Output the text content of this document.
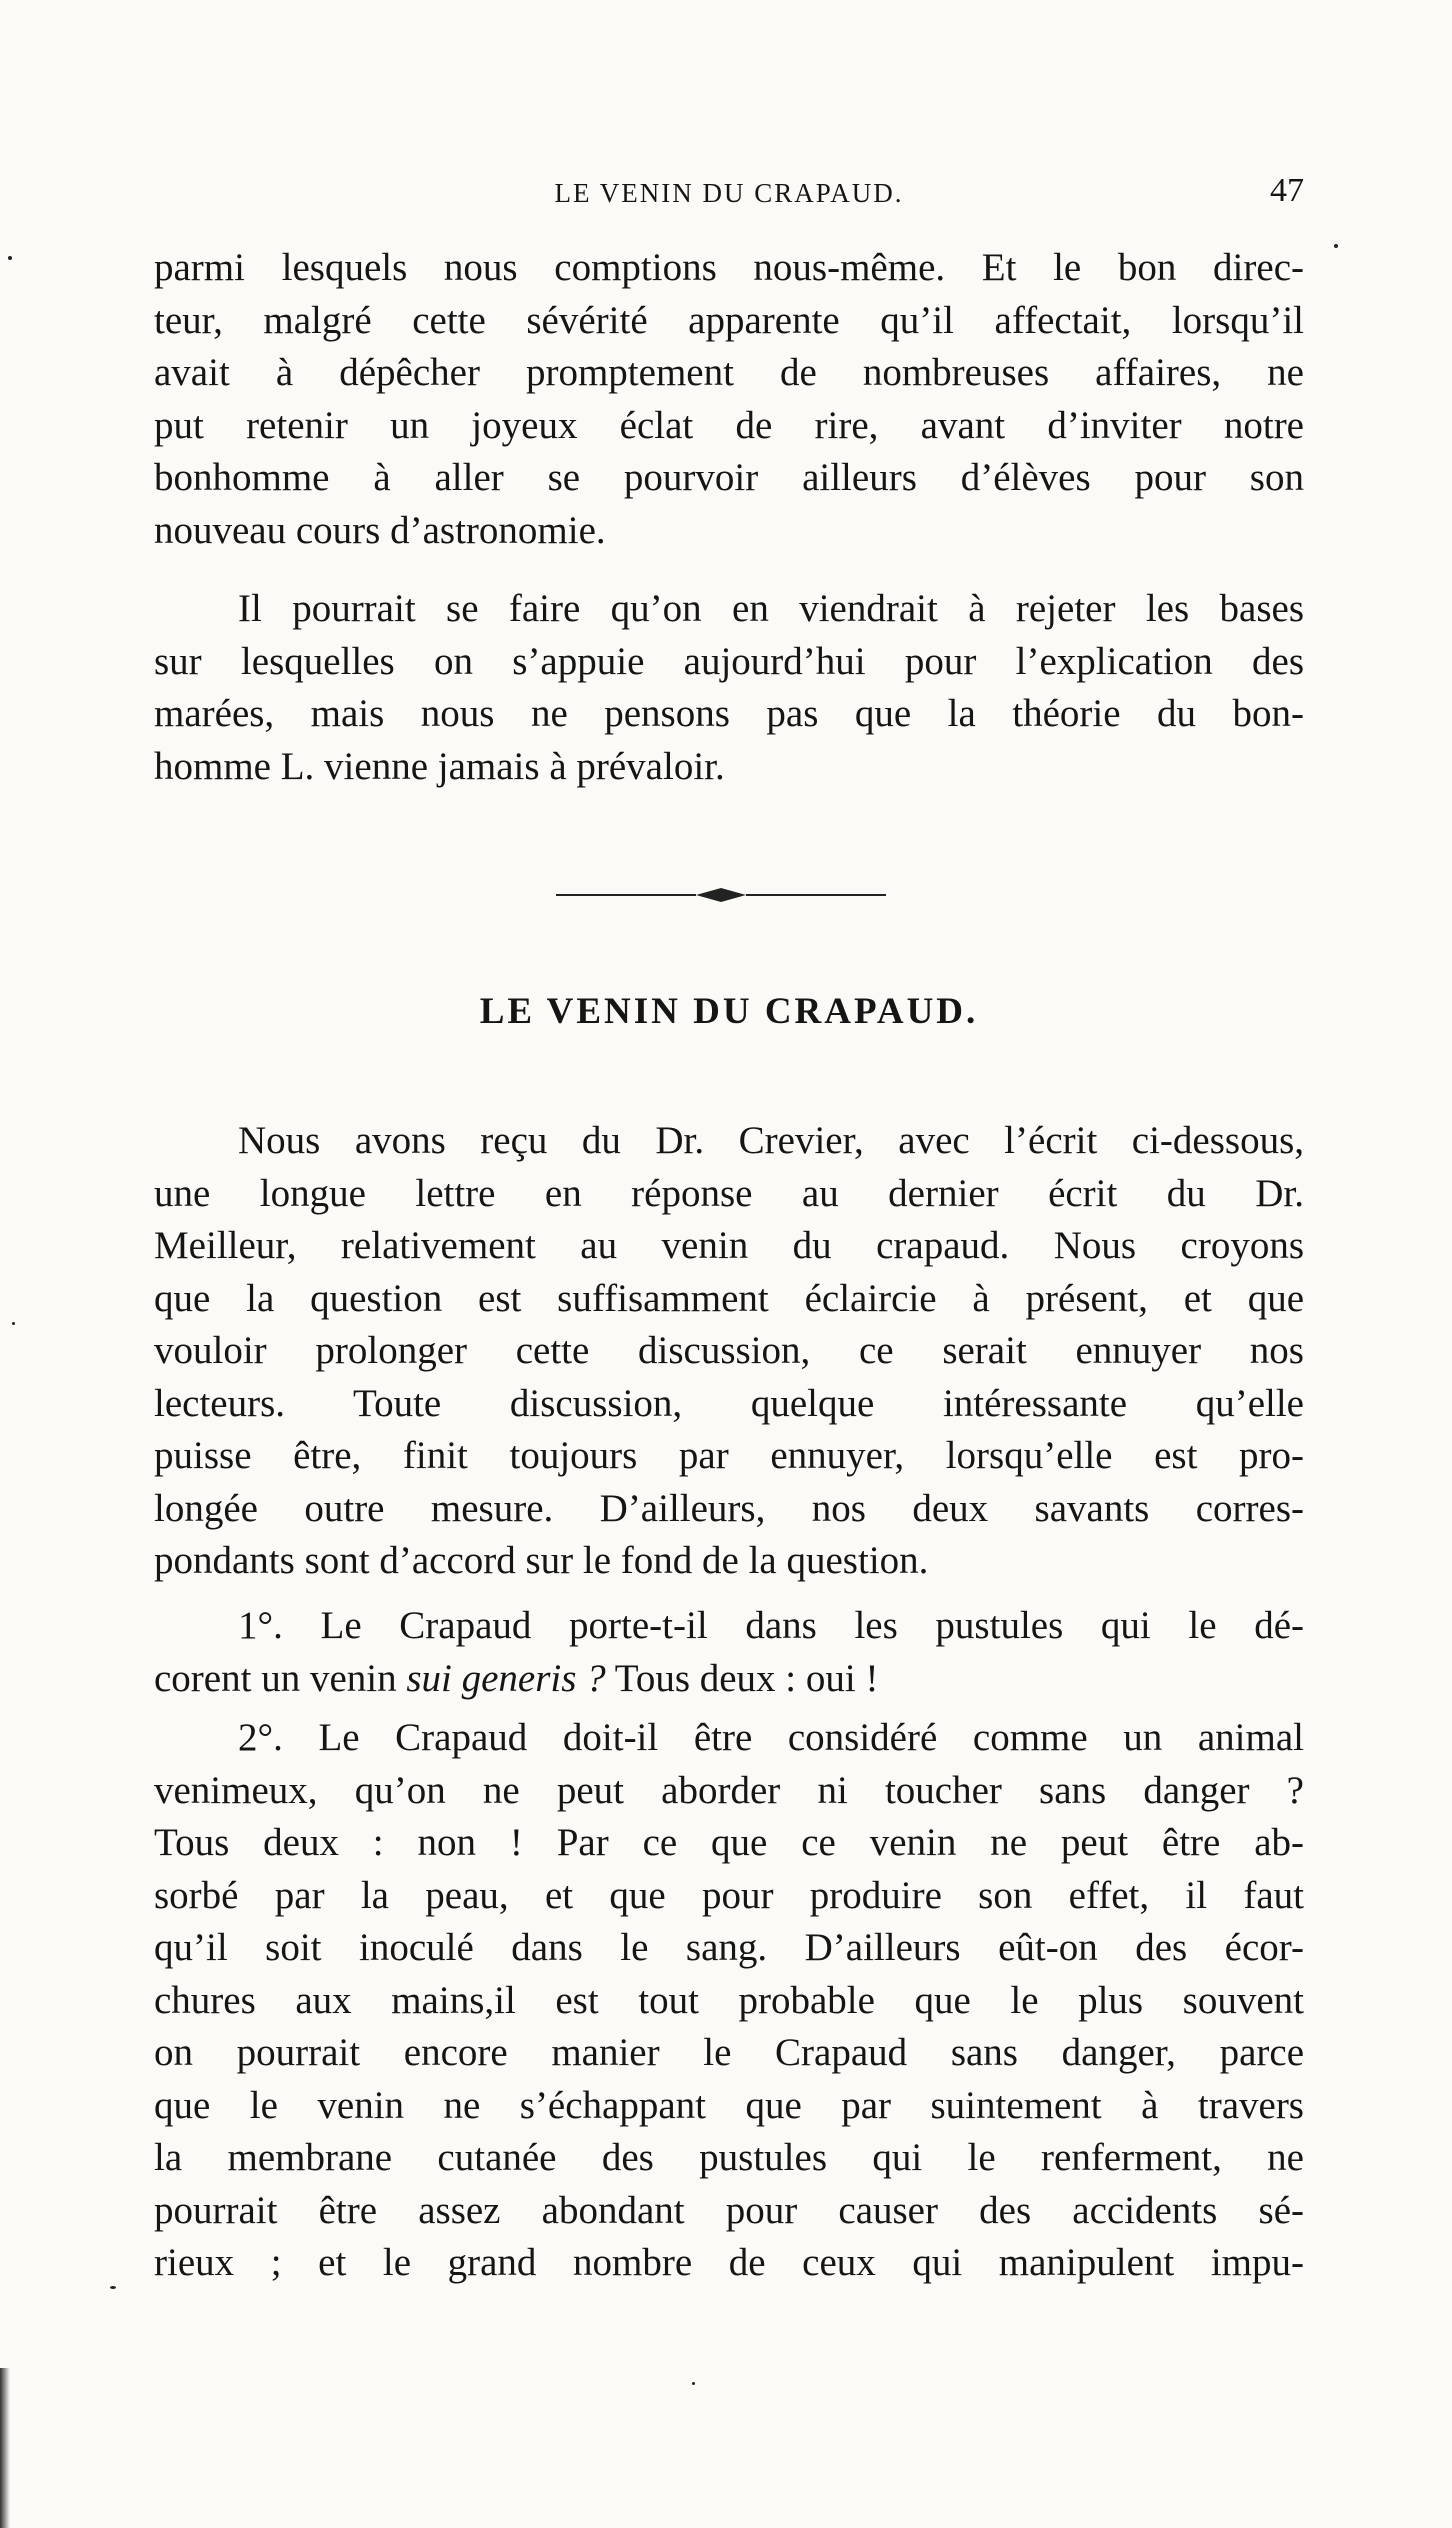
LE VENIN DU CRAPAUD.	47
parmi lesquels nous comptions nous-même. Et le bon direc-
teur, malgré cette sévérité apparente qu’il affectait, lorsqu’il
avait à dépêcher promptement de nombreuses affaires, ne
put retenir un joyeux éclat de rire, avant d’inviter notre
bonhomme à aller se pourvoir ailleurs d’élèves pour son
nouveau cours d’astronomie.
Il pourrait se faire qu’on en viendrait à rejeter les bases
sur lesquelles on s’appuie aujourd’hui pour l’explication des
marées, mais nous ne pensons pas que la théorie du bon-
homme L. vienne jamais à prévaloir.
LE VENIN DU CRAPAUD.
Nous avons reçu du Dr. Crevier, avec l’écrit ci-dessous,
une longue lettre en réponse au dernier écrit du Dr.
Meilleur, relativement au venin du crapaud. Nous croyons
que la question est suffisamment éclaircie à présent, et que
vouloir prolonger cette discussion, ce serait ennuyer nos
lecteurs. Toute discussion, quelque intéressante qu’elle
puisse être, finit toujours par ennuyer, lorsqu’elle est pro-
longée outre mesure. D’ailleurs, nos deux savants corres-
pondants sont d’accord sur le fond de la question.
1°. Le Crapaud porte-t-il dans les pustules qui le dé-
corent un venin sui generis ? Tous deux : oui !
2°. Le Crapaud doit-il être considéré comme un animal
venimeux, qu’on ne peut aborder ni toucher sans danger ?
Tous deux : non ! Par ce que ce venin ne peut être ab-
sorbé par la peau, et que pour produire son effet, il faut
qu’il soit inoculé dans le sang. D’ailleurs eût-on des écor-
chures aux mains,il est tout probable que le plus souvent
on pourrait encore manier le Crapaud sans danger, parce
que le venin ne s’échappant que par suintement à travers
la membrane cutanée des pustules qui le renferment, ne
pourrait être assez abondant pour causer des accidents sé-
rieux ; et le grand nombre de ceux qui manipulent impu-
